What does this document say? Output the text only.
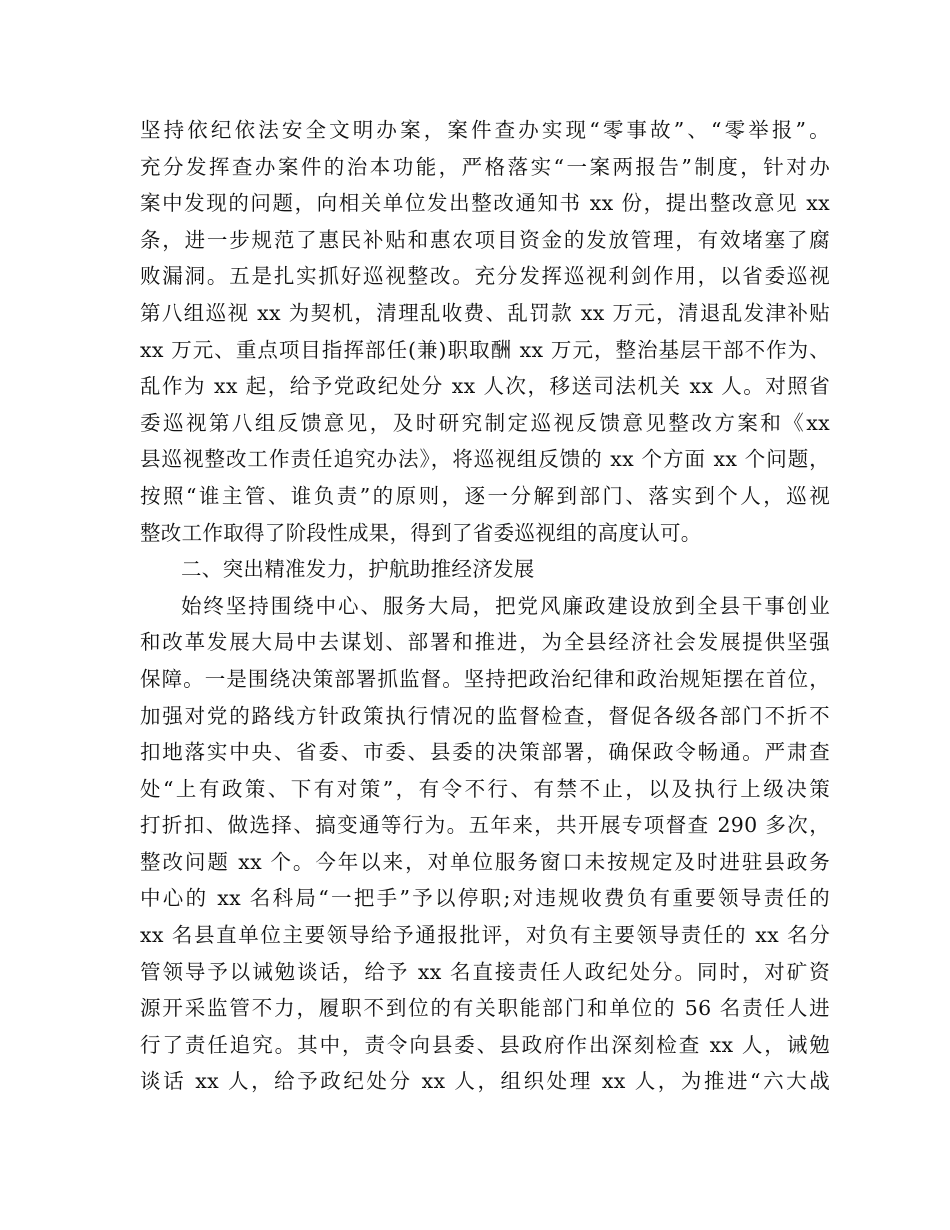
坚持依纪依法安全文明办案，案件查办实现“零事故”、“零举报”。
充分发挥查办案件的治本功能，严格落实“一案两报告”制度，针对办
案中发现的问题，向相关单位发出整改通知书 xx 份，提出整改意见 xx
条，进一步规范了惠民补贴和惠农项目资金的发放管理，有效堵塞了腐
败漏洞。五是扎实抓好巡视整改。充分发挥巡视利剑作用，以省委巡视
第八组巡视 xx 为契机，清理乱收费、乱罚款 xx 万元，清退乱发津补贴
xx 万元、重点项目指挥部任(兼)职取酬 xx 万元，整治基层干部不作为、
乱作为 xx 起，给予党政纪处分 xx 人次，移送司法机关 xx 人。对照省
委巡视第八组反馈意见，及时研究制定巡视反馈意见整改方案和《xx
县巡视整改工作责任追究办法》，将巡视组反馈的 xx 个方面 xx 个问题，
按照“谁主管、谁负责”的原则，逐一分解到部门、落实到个人，巡视
整改工作取得了阶段性成果，得到了省委巡视组的高度认可。
二、突出精准发力，护航助推经济发展
始终坚持围绕中心、服务大局，把党风廉政建设放到全县干事创业
和改革发展大局中去谋划、部署和推进，为全县经济社会发展提供坚强
保障。一是围绕决策部署抓监督。坚持把政治纪律和政治规矩摆在首位，
加强对党的路线方针政策执行情况的监督检查，督促各级各部门不折不
扣地落实中央、省委、市委、县委的决策部署，确保政令畅通。严肃查
处“上有政策、下有对策”，有令不行、有禁不止，以及执行上级决策
打折扣、做选择、搞变通等行为。五年来，共开展专项督查 290 多次，
整改问题 xx 个。今年以来，对单位服务窗口未按规定及时进驻县政务
中心的 xx 名科局“一把手”予以停职;对违规收费负有重要领导责任的
xx 名县直单位主要领导给予通报批评，对负有主要领导责任的 xx 名分
管领导予以诫勉谈话，给予 xx 名直接责任人政纪处分。同时，对矿资
源开采监管不力，履职不到位的有关职能部门和单位的 56 名责任人进
行了责任追究。其中，责令向县委、县政府作出深刻检查 xx 人，诫勉
谈话 xx 人，给予政纪处分 xx 人，组织处理 xx 人，为推进“六大战
